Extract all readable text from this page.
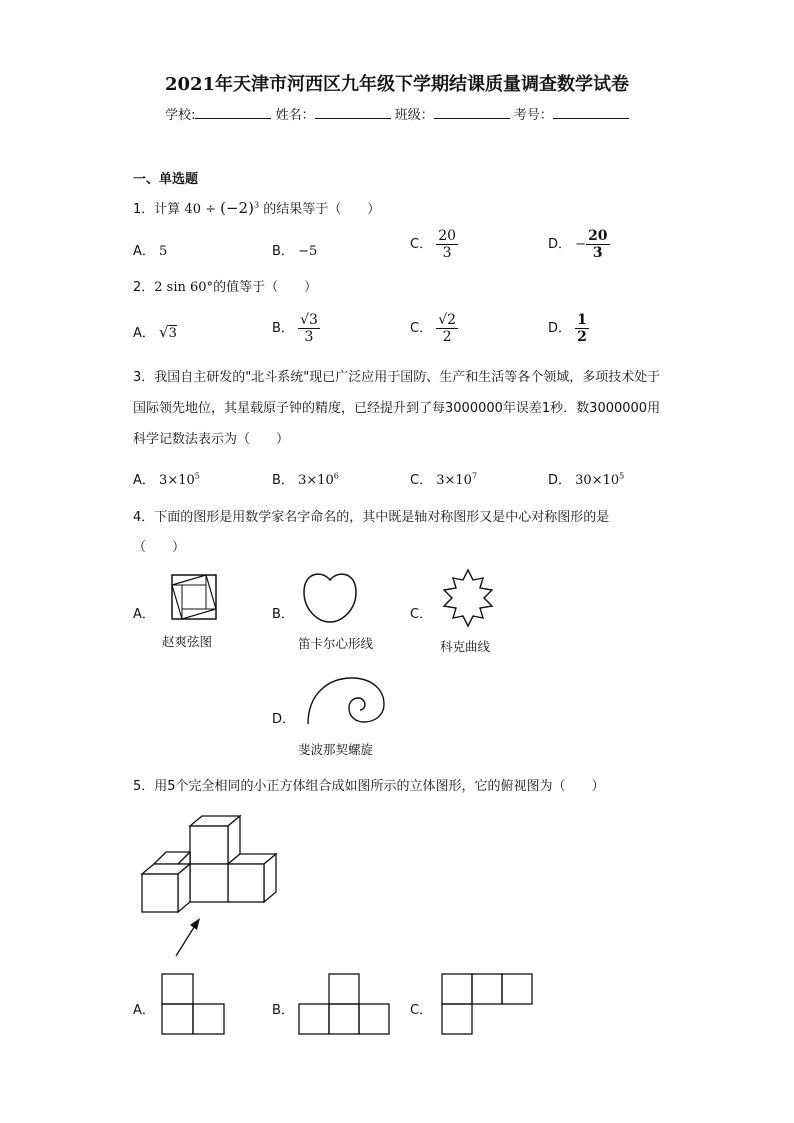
2021年天津市河西区九年级下学期结课质量调查数学试卷
学校:	姓名：	班级：	考号：
一、单选题
1．计算 $40 \div (-2)^3$ 的结果等于（　　）
A． 5	B． −5	C． $\frac{20}{3}$	D． − $\frac{20}{3}$
2．2 sin 60°的值等于（　　）
A． √3	B． $\frac{√3}{3}$	C． $\frac{√2}{2}$	D． $\frac{1}{2}$
3．我国自主研发的"北斗系统"现已广泛应用于国防、生产和生活等各个领域，多项技术处于国际领先地位，其星载原子钟的精度，已经提升到了每3000000年误差1秒．数3000000用科学记数法表示为（　　）
A． $3\times 10^5$	B． $3\times 10^6$	C． $3\times 10^7$	D． $30\times 10^5$
4．下面的图形是用数学家名字命名的，其中既是轴对称图形又是中心对称图形的是
（　　）
A．
赵爽弦图
B．
笛卡尔心形线
C．
科克曲线
D．
斐波那契螺旋
5．用5个完全相同的小正方体组合成如图所示的立体图形，它的俯视图为（　　）
A．	B．	C．
